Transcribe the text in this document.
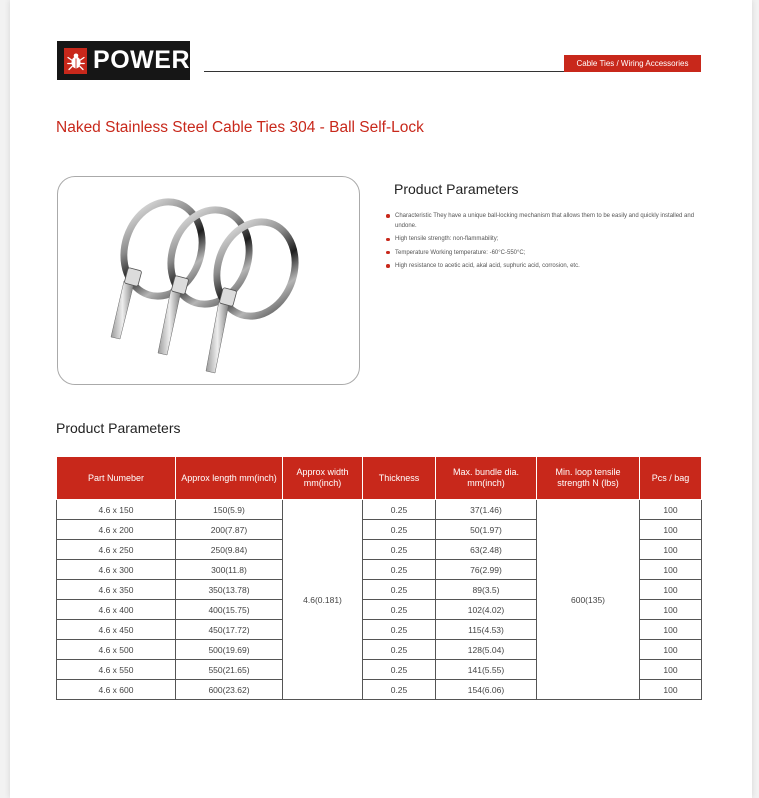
POWER	Cable Ties / Wiring Accessories
Naked Stainless Steel Cable Ties 304 - Ball Self-Lock
Product Parameters
Characteristic They have a unique ball-locking mechanism that allows them to be easily and quickly installed and undone.
High tensile strength: non-flammability;
Temperature Working temperature: -60°C-550°C;
High resistance to acetic acid, akal acid, suphuric acid, corrosion, etc.
Product Parameters
Part Numeber	Approx length mm(inch)	Approx width mm(inch)	Thickness	Max. bundle dia. mm(inch)	Min. loop tensile strength N (lbs)	Pcs / bag
4.6 x 150	150(5.9)	4.6(0.181)	0.25	37(1.46)	600(135)	100
4.6 x 200	200(7.87)		0.25	50(1.97)		100
4.6 x 250	250(9.84)		0.25	63(2.48)		100
4.6 x 300	300(11.8)		0.25	76(2.99)		100
4.6 x 350	350(13.78)		0.25	89(3.5)		100
4.6 x 400	400(15.75)		0.25	102(4.02)		100
4.6 x 450	450(17.72)		0.25	115(4.53)		100
4.6 x 500	500(19.69)		0.25	128(5.04)		100
4.6 x 550	550(21.65)		0.25	141(5.55)		100
4.6 x 600	600(23.62)		0.25	154(6.06)		100
